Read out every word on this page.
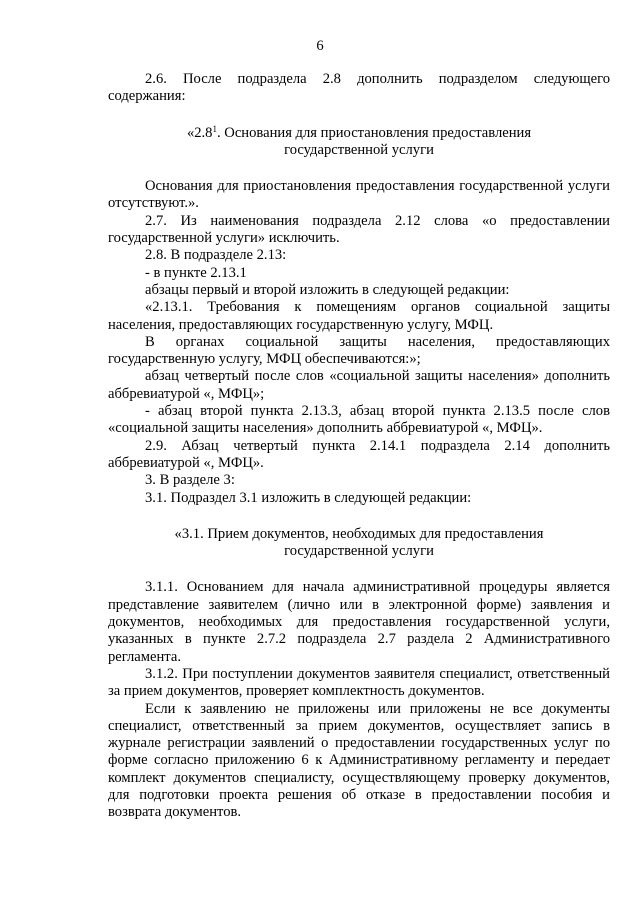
6

2.6. После подраздела 2.8 дополнить подразделом следующего содержания:

«$2.8^1$. Основания для приостановления предоставления

государственной услуги

Основания для приостановления предоставления государственной услуги отсутствуют.».

2.7. Из наименования подраздела 2.12 слова «о предоставлении государственной услуги» исключить.

2.8. В подразделе 2.13:

- в пункте 2.13.1

абзацы первый и второй изложить в следующей редакции:

«2.13.1. Требования к помещениям органов социальной защиты населения, предоставляющих государственную услугу, МФЦ.

В органах социальной защиты населения, предоставляющих государственную услугу, МФЦ обеспечиваются:»;

абзац четвертый после слов «социальной защиты населения» дополнить аббревиатурой «, МФЦ»;

- абзац второй пункта 2.13.3, абзац второй пункта 2.13.5 после слов «социальной защиты населения» дополнить аббревиатурой «, МФЦ».

2.9. Абзац четвертый пункта 2.14.1 подраздела 2.14 дополнить аббревиатурой «, МФЦ».

3. В разделе 3:

3.1. Подраздел 3.1 изложить в следующей редакции:

«3.1. Прием документов, необходимых для предоставления

государственной услуги

3.1.1. Основанием для начала административной процедуры является представление заявителем (лично или в электронной форме) заявления и документов, необходимых для предоставления государственной услуги, указанных в пункте 2.7.2 подраздела 2.7 раздела 2 Административного регламента.

3.1.2. При поступлении документов заявителя специалист, ответственный за прием документов, проверяет комплектность документов.

Если к заявлению не приложены или приложены не все документы специалист, ответственный за прием документов, осуществляет запись в журнале регистрации заявлений о предоставлении государственных услуг по форме согласно приложению 6 к Административному регламенту и передает комплект документов специалисту, осуществляющему проверку документов, для подготовки проекта решения об отказе в предоставлении пособия и возврата документов.
